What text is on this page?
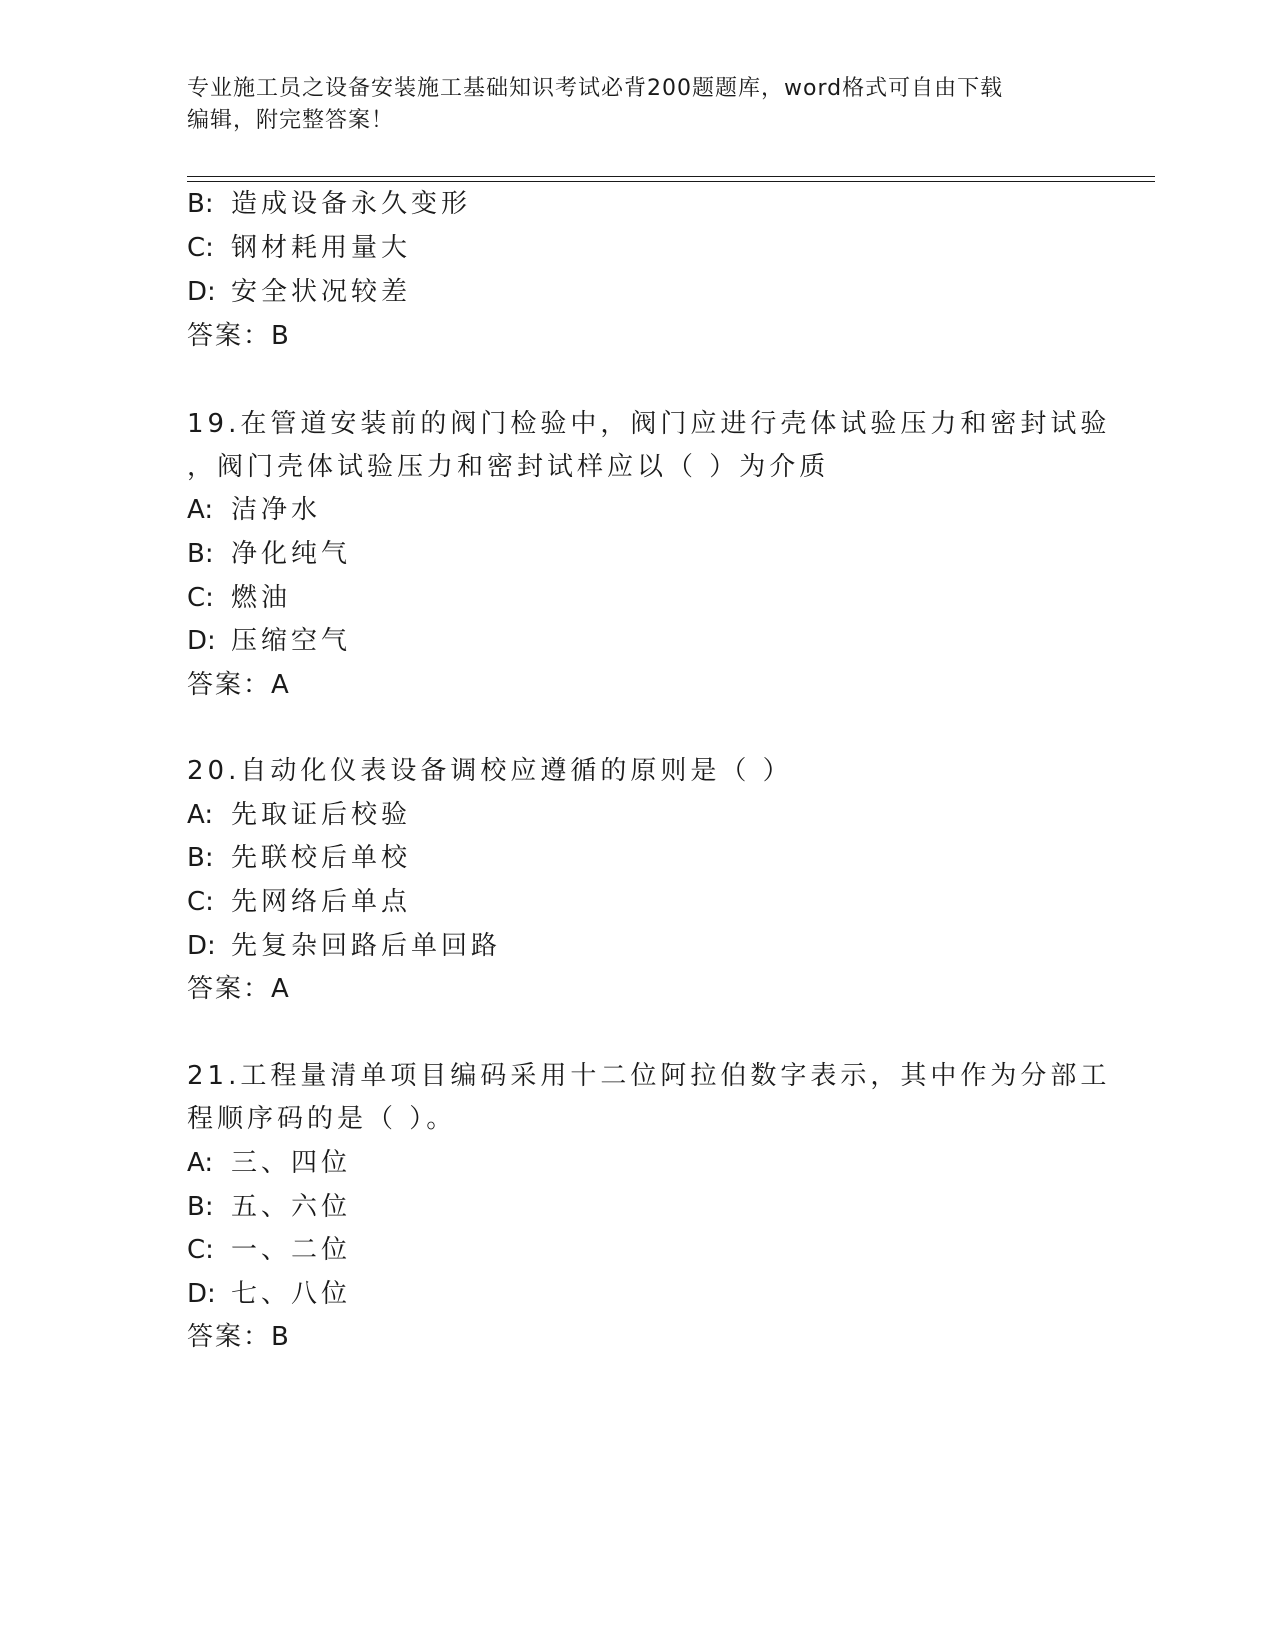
专业施工员之设备安装施工基础知识考试必背200题题库，word格式可自由下载
编辑，附完整答案！
B: 造成设备永久变形
C: 钢材耗用量大
D: 安全状况较差
答案：B
19.在管道安装前的阀门检验中，阀门应进行壳体试验压力和密封试验
，阀门壳体试验压力和密封试样应以（ ）为介质
A: 洁净水
B: 净化纯气
C: 燃油
D: 压缩空气
答案：A
20.自动化仪表设备调校应遵循的原则是（ ）
A: 先取证后校验
B: 先联校后单校
C: 先网络后单点
D: 先复杂回路后单回路
答案：A
21.工程量清单项目编码采用十二位阿拉伯数字表示，其中作为分部工
程顺序码的是（ ）。
A: 三、四位
B: 五、六位
C: 一、二位
D: 七、八位
答案：B
